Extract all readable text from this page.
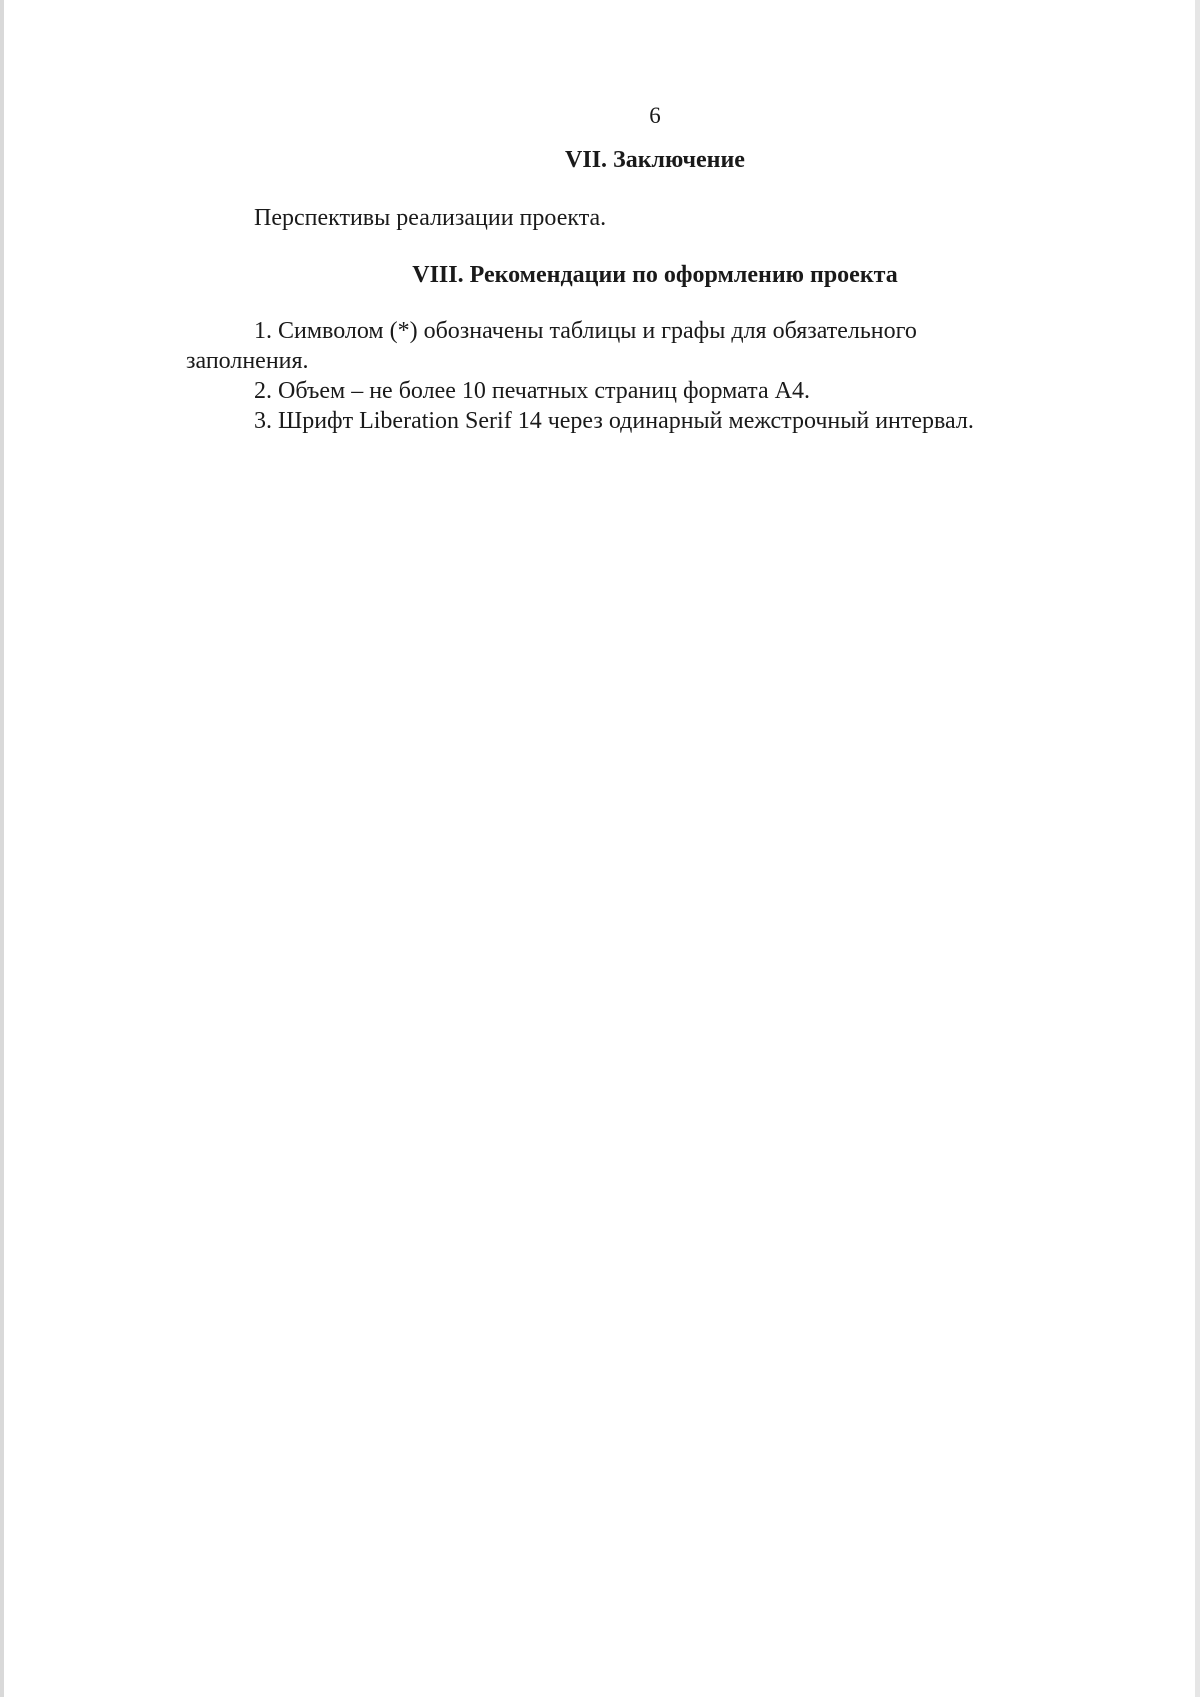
6
VII. Заключение
Перспективы реализации проекта.
VIII. Рекомендации по оформлению проекта
1. Символом (*) обозначены таблицы и графы для обязательного заполнения.
2. Объем – не более 10 печатных страниц формата А4.
3. Шрифт Liberation Serif 14 через одинарный межстрочный интервал.
